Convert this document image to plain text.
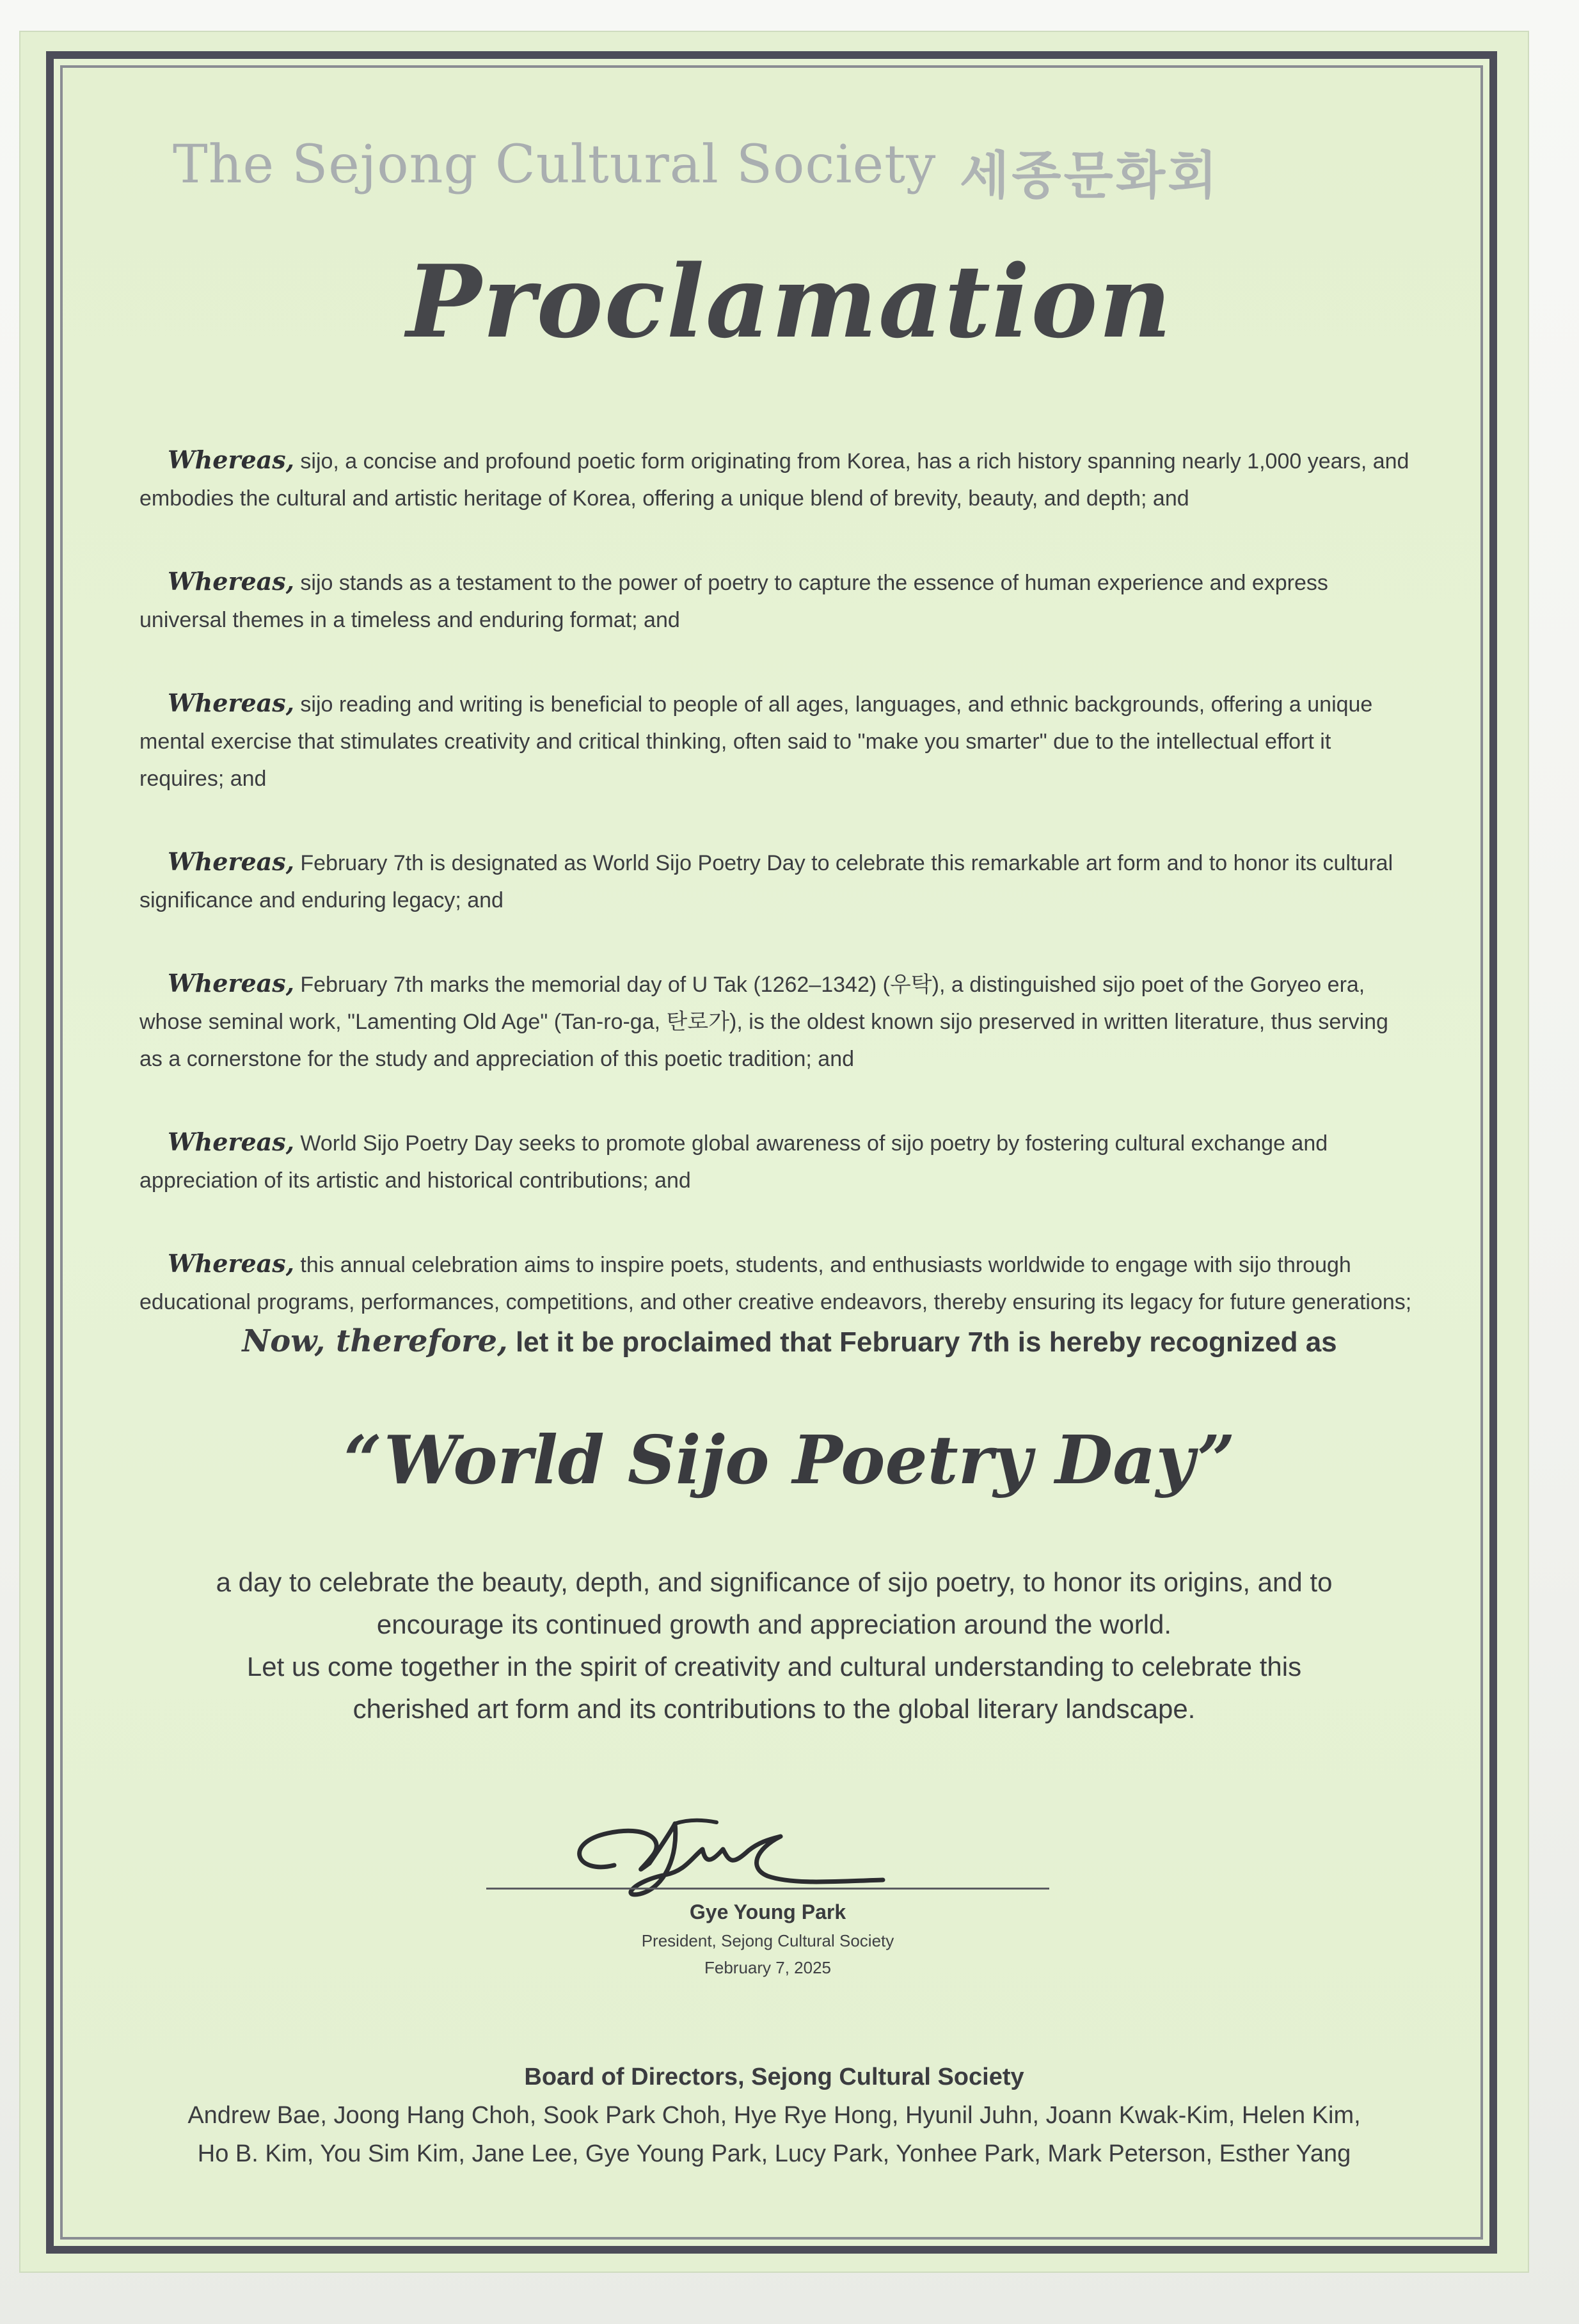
The Sejong Cultural Society 세종문화회
Proclamation

Whereas, sijo, a concise and profound poetic form originating from Korea, has a rich history spanning nearly 1,000 years, and embodies the cultural and artistic heritage of Korea, offering a unique blend of brevity, beauty, and depth; and

Whereas, sijo stands as a testament to the power of poetry to capture the essence of human experience and express universal themes in a timeless and enduring format; and

Whereas, sijo reading and writing is beneficial to people of all ages, languages, and ethnic backgrounds, offering a unique mental exercise that stimulates creativity and critical thinking, often said to "make you smarter" due to the intellectual effort it requires; and

Whereas, February 7th is designated as World Sijo Poetry Day to celebrate this remarkable art form and to honor its cultural significance and enduring legacy; and

Whereas, February 7th marks the memorial day of U Tak (1262–1342) (우탁), a distinguished sijo poet of the Goryeo era, whose seminal work, "Lamenting Old Age" (Tan-ro-ga, 탄로가), is the oldest known sijo preserved in written literature, thus serving as a cornerstone for the study and appreciation of this poetic tradition; and

Whereas, World Sijo Poetry Day seeks to promote global awareness of sijo poetry by fostering cultural exchange and appreciation of its artistic and historical contributions; and

Whereas, this annual celebration aims to inspire poets, students, and enthusiasts worldwide to engage with sijo through educational programs, performances, competitions, and other creative endeavors, thereby ensuring its legacy for future generations;

Now, therefore, let it be proclaimed that February 7th is hereby recognized as
“World Sijo Poetry Day”

a day to celebrate the beauty, depth, and significance of sijo poetry, to honor its origins, and to

encourage its continued growth and appreciation around the world.

Let us come together in the spirit of creativity and cultural understanding to celebrate this

cherished art form and its contributions to the global literary landscape.

Gye Young Park
President, Sejong Cultural Society
February 7, 2025
Board of Directors, Sejong Cultural Society
Andrew Bae, Joong Hang Choh, Sook Park Choh, Hye Rye Hong, Hyunil Juhn, Joann Kwak-Kim, Helen Kim,
Ho B. Kim, You Sim Kim, Jane Lee, Gye Young Park, Lucy Park, Yonhee Park, Mark Peterson, Esther Yang
